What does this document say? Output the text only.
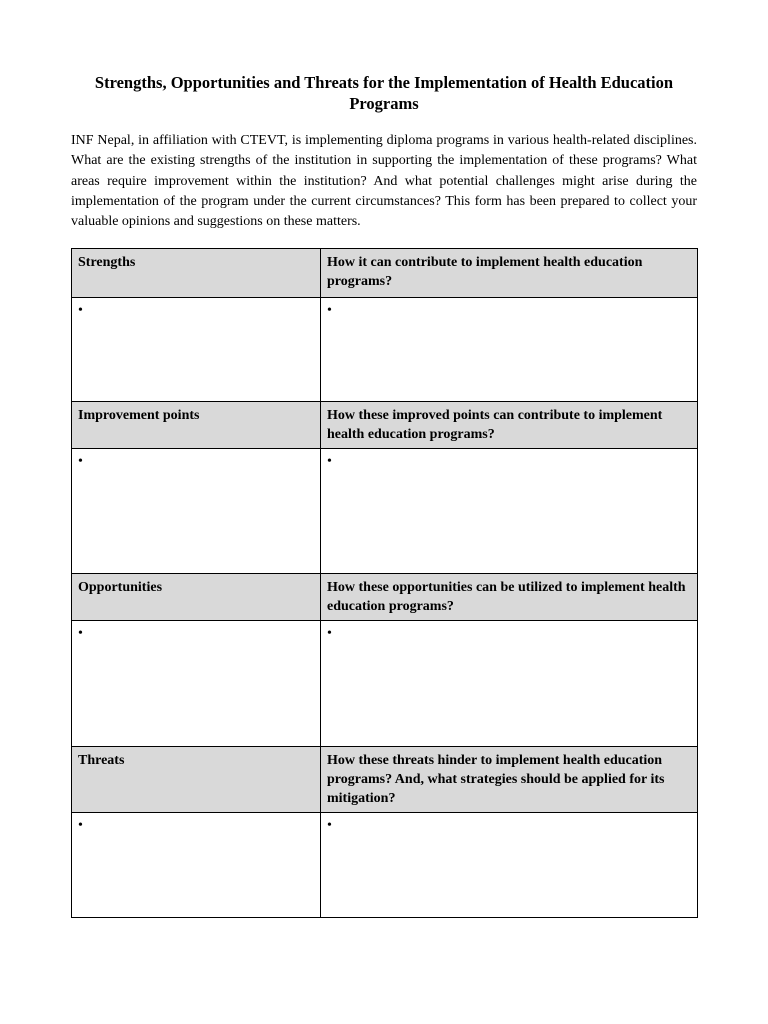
Strengths, Opportunities and Threats for the Implementation of Health Education Programs

INF Nepal, in affiliation with CTEVT, is implementing diploma programs in various health-related disciplines. What are the existing strengths of the institution in supporting the implementation of these programs? What areas require improvement within the institution? And what potential challenges might arise during the implementation of the program under the current circumstances? This form has been prepared to collect your valuable opinions and suggestions on these matters.

Strengths	How it can contribute to implement health education programs?
•	•
Improvement points	How these improved points can contribute to implement health education programs?
•	•
Opportunities	How these opportunities can be utilized to implement health education programs?
•	•
Threats	How these threats hinder to implement health education programs? And, what strategies should be applied for its mitigation?
•	•
